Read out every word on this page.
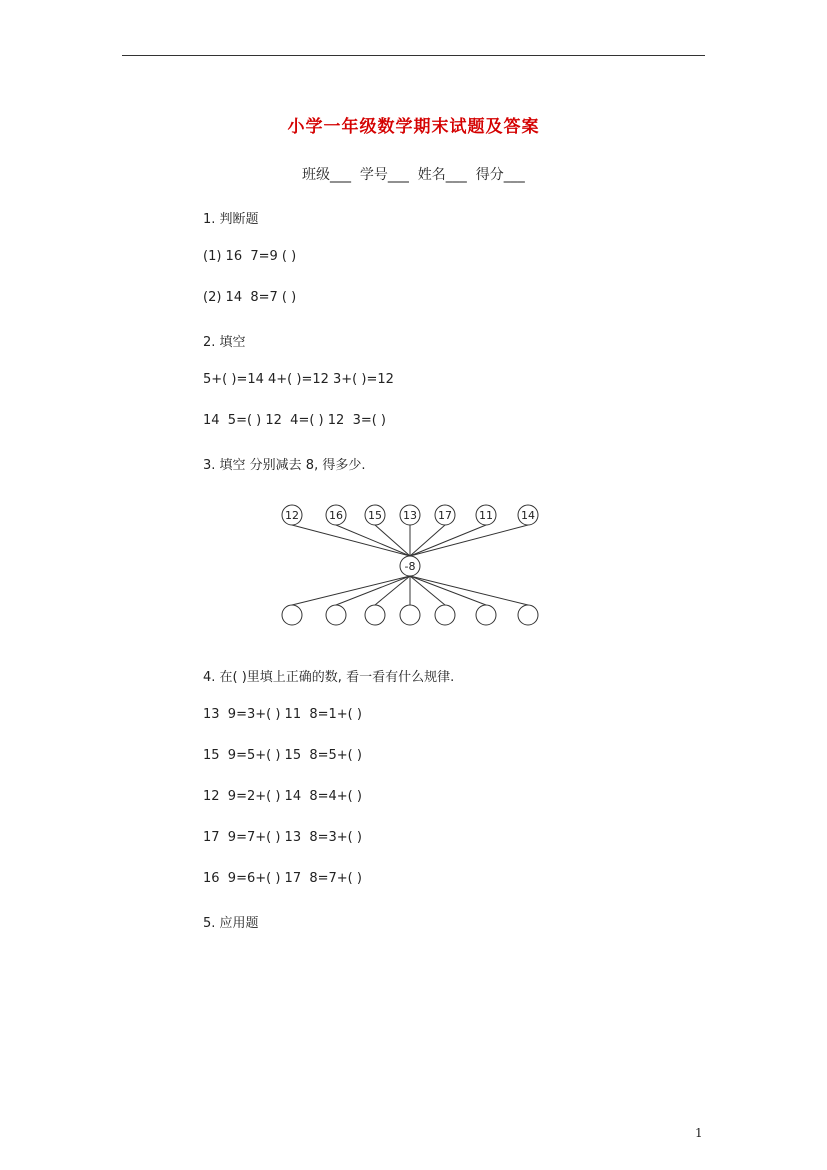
小学一年级数学期末试题及答案
班级___  学号___  姓名___  得分___
1. 判断题
(1) 16  7=9 ( )
(2) 14  8=7 ( )
2. 填空
5+( )=14 4+( )=12 3+( )=12
14  5=( ) 12  4=( ) 12  3=( )
3. 填空 分别减去 8, 得多少.
12	16 15 13 17 11	14
-8
4. 在( )里填上正确的数, 看一看有什么规律.
13  9=3+( ) 11  8=1+( )
15  9=5+( ) 15  8=5+( )
12  9=2+( ) 14  8=4+( )
17  9=7+( ) 13  8=3+( )
16  9=6+( ) 17  8=7+( )
5. 应用题
1
